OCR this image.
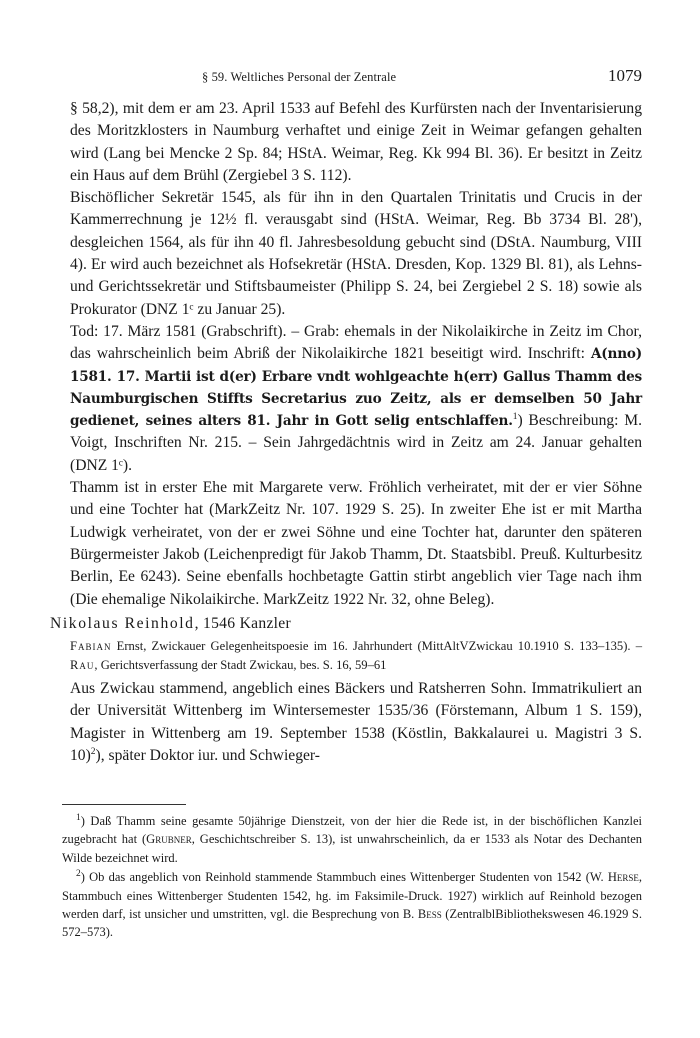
§ 59. Weltliches Personal der Zentrale	1079

§ 58,2), mit dem er am 23. April 1533 auf Befehl des Kurfürsten nach der Inventarisierung des Moritzklosters in Naumburg verhaftet und einige Zeit in Weimar gefangen gehalten wird (Lang bei Mencke 2 Sp. 84; HStA. Weimar, Reg. Kk 994 Bl. 36). Er besitzt in Zeitz ein Haus auf dem Brühl (Zergiebel 3 S. 112).

Bischöflicher Sekretär 1545, als für ihn in den Quartalen Trinitatis und Crucis in der Kammerrechnung je 12½ fl. verausgabt sind (HStA. Weimar, Reg. Bb 3734 Bl. 28'), desgleichen 1564, als für ihn 40 fl. Jahresbesoldung gebucht sind (DStA. Naumburg, VIII 4). Er wird auch bezeichnet als Hofsekretär (HStA. Dresden, Kop. 1329 Bl. 81), als Lehns- und Gerichtssekretär und Stiftsbaumeister (Philipp S. 24, bei Zergiebel 2 S. 18) sowie als Prokurator (DNZ 1ᶜ zu Januar 25).

Tod: 17. März 1581 (Grabschrift). – Grab: ehemals in der Nikolaikirche in Zeitz im Chor, das wahrscheinlich beim Abriß der Nikolaikirche 1821 beseitigt wird. Inschrift: A(nno) 1581. 17. Martii ist d(er) Erbare vndt wohlgeachte h(err) Gallus Thamm des Naumburgischen Stiffts Secretarius zuo Zeitz, als er demselben 50 Jahr gedienet, seines alters 81. Jahr in Gott selig entschlaffen.$^1$) Beschreibung: M. Voigt, Inschriften Nr. 215. – Sein Jahrgedächtnis wird in Zeitz am 24. Januar gehalten (DNZ 1ᶜ).

Thamm ist in erster Ehe mit Margarete verw. Fröhlich verheiratet, mit der er vier Söhne und eine Tochter hat (MarkZeitz Nr. 107. 1929 S. 25). In zweiter Ehe ist er mit Martha Ludwigk verheiratet, von der er zwei Söhne und eine Tochter hat, darunter den späteren Bürgermeister Jakob (Leichenpredigt für Jakob Thamm, Dt. Staatsbibl. Preuß. Kulturbesitz Berlin, Ee 6243). Seine ebenfalls hochbetagte Gattin stirbt angeblich vier Tage nach ihm (Die ehemalige Nikolaikirche. MarkZeitz 1922 Nr. 32, ohne Beleg).

Nikolaus Reinhold, 1546 Kanzler

Fabian Ernst, Zwickauer Gelegenheitspoesie im 16. Jahrhundert (MittAltVZwickau 10.1910 S. 133–135). – Rau, Gerichtsverfassung der Stadt Zwickau, bes. S. 16, 59–61

Aus Zwickau stammend, angeblich eines Bäckers und Ratsherren Sohn. Immatrikuliert an der Universität Wittenberg im Wintersemester 1535/36 (Förstemann, Album 1 S. 159), Magister in Wittenberg am 19. September 1538 (Köstlin, Bakkalaurei u. Magistri 3 S. 10)$^2$), später Doktor iur. und Schwieger-

$^1$) Daß Thamm seine gesamte 50jährige Dienstzeit, von der hier die Rede ist, in der bischöflichen Kanzlei zugebracht hat (Grubner, Geschichtschreiber S. 13), ist unwahrscheinlich, da er 1533 als Notar des Dechanten Wilde bezeichnet wird.

$^2$) Ob das angeblich von Reinhold stammende Stammbuch eines Wittenberger Studenten von 1542 (W. Herse, Stammbuch eines Wittenberger Studenten 1542, hg. im Faksimile-Druck. 1927) wirklich auf Reinhold bezogen werden darf, ist unsicher und umstritten, vgl. die Besprechung von B. Bess (ZentralblBibliothekswesen 46.1929 S. 572–573).
